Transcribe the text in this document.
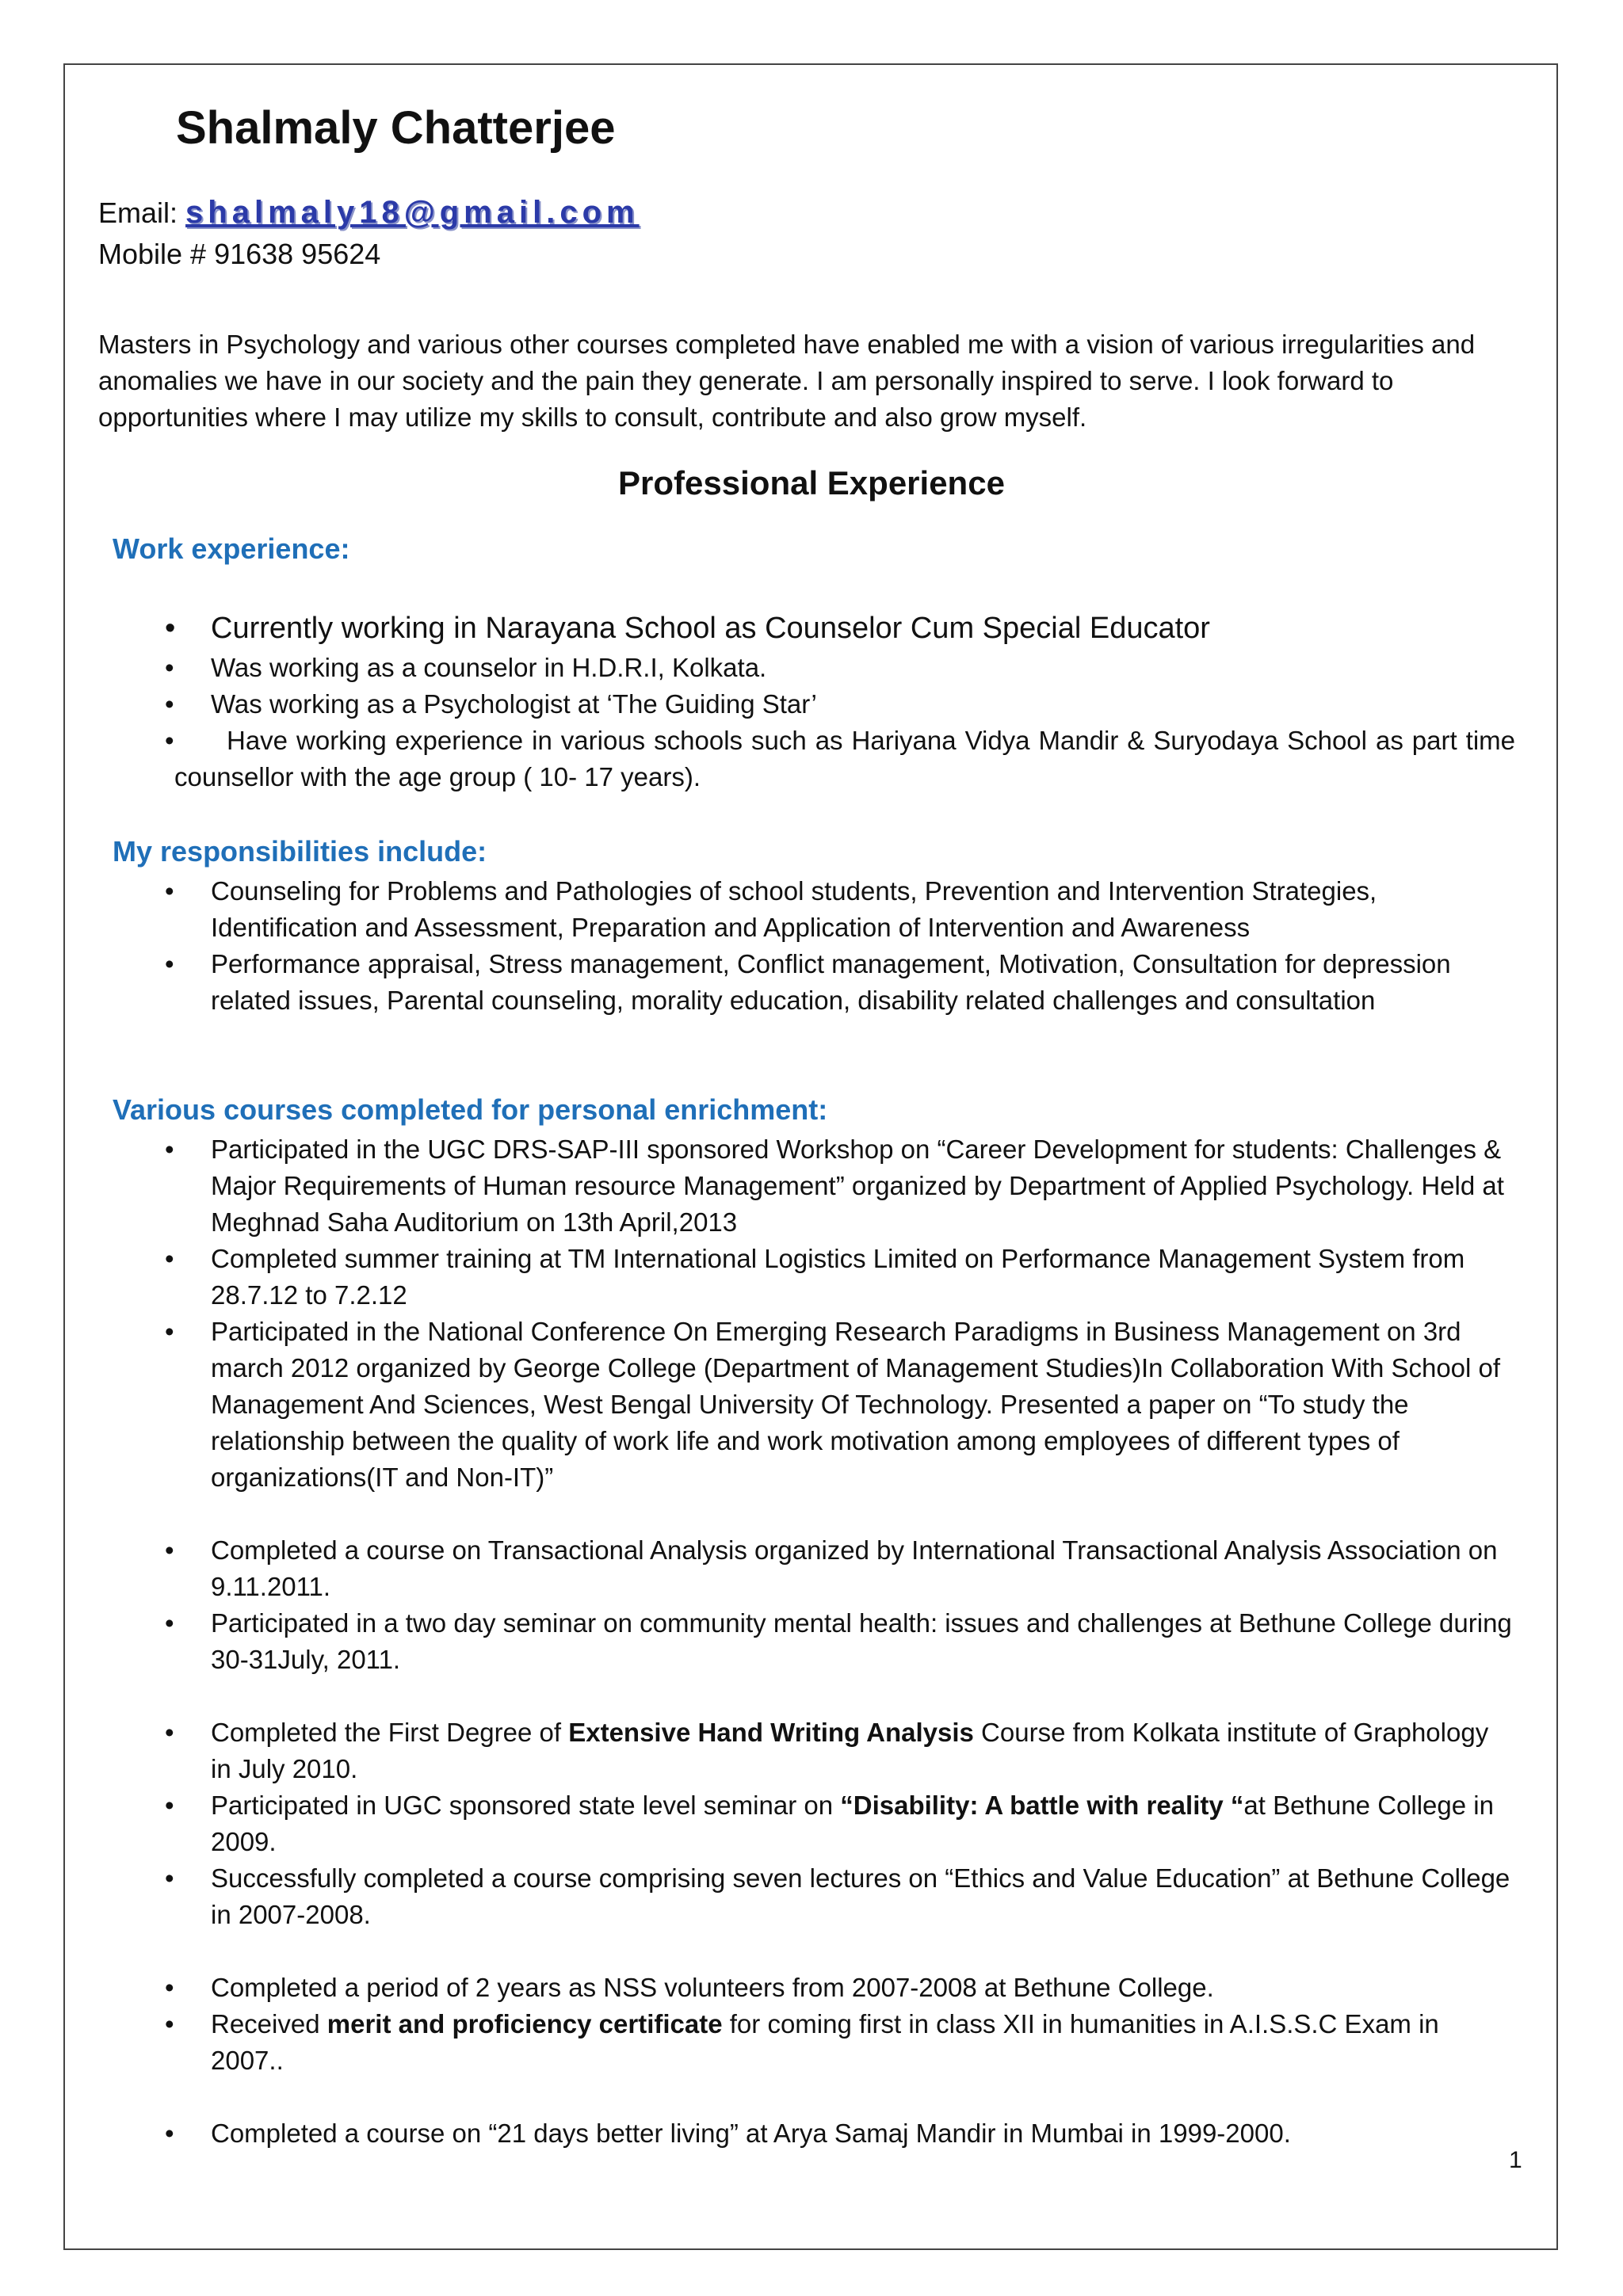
Shalmaly Chatterjee
Email: shalmaly18@gmail.com
Mobile # 91638 95624

Masters in Psychology and various other courses completed have enabled me with a vision of various irregularities and anomalies we have in our society and the pain they generate. I am personally inspired to serve. I look forward to opportunities where I may utilize my skills to consult, contribute and also grow myself.

Professional Experience
Work experience:
• Currently working in Narayana School as Counselor Cum Special Educator
• Was working as a counselor in H.D.R.I, Kolkata.
• Was working as a Psychologist at ‘The Guiding Star’
• Have working experience in various schools such as Hariyana Vidya Mandir & Suryodaya School as part time counsellor with the age group ( 10- 17 years).
My responsibilities include:
• Counseling for Problems and Pathologies of school students, Prevention and Intervention Strategies, Identification and Assessment, Preparation and Application of Intervention and Awareness
• Performance appraisal, Stress management, Conflict management, Motivation, Consultation for depression related issues, Parental counseling, morality education, disability related challenges and consultation
Various courses completed for personal enrichment:
• Participated in the UGC DRS-SAP-III sponsored Workshop on “Career Development for students: Challenges & Major Requirements of Human resource Management” organized by Department of Applied Psychology. Held at Meghnad Saha Auditorium on 13th April,2013
• Completed summer training at TM International Logistics Limited on Performance Management System from 28.7.12 to 7.2.12
• Participated in the National Conference On Emerging Research Paradigms in Business Management on 3rd march 2012 organized by George College (Department of Management Studies)In Collaboration With School of Management And Sciences, West Bengal University Of Technology. Presented a paper on “To study the relationship between the quality of work life and work motivation among employees of different types of organizations(IT and Non-IT)”
• Completed a course on Transactional Analysis organized by International Transactional Analysis Association on 9.11.2011.
• Participated in a two day seminar on community mental health: issues and challenges at Bethune College during 30-31July, 2011.
• Completed the First Degree of Extensive Hand Writing Analysis Course from Kolkata institute of Graphology in July 2010.
• Participated in UGC sponsored state level seminar on “Disability: A battle with reality “at Bethune College in 2009.
• Successfully completed a course comprising seven lectures on “Ethics and Value Education” at Bethune College in 2007-2008.
• Completed a period of 2 years as NSS volunteers from 2007-2008 at Bethune College.
• Received merit and proficiency certificate for coming first in class XII in humanities in A.I.S.S.C Exam in 2007..
• Completed a course on “21 days better living” at Arya Samaj Mandir in Mumbai in 1999-2000.
1
